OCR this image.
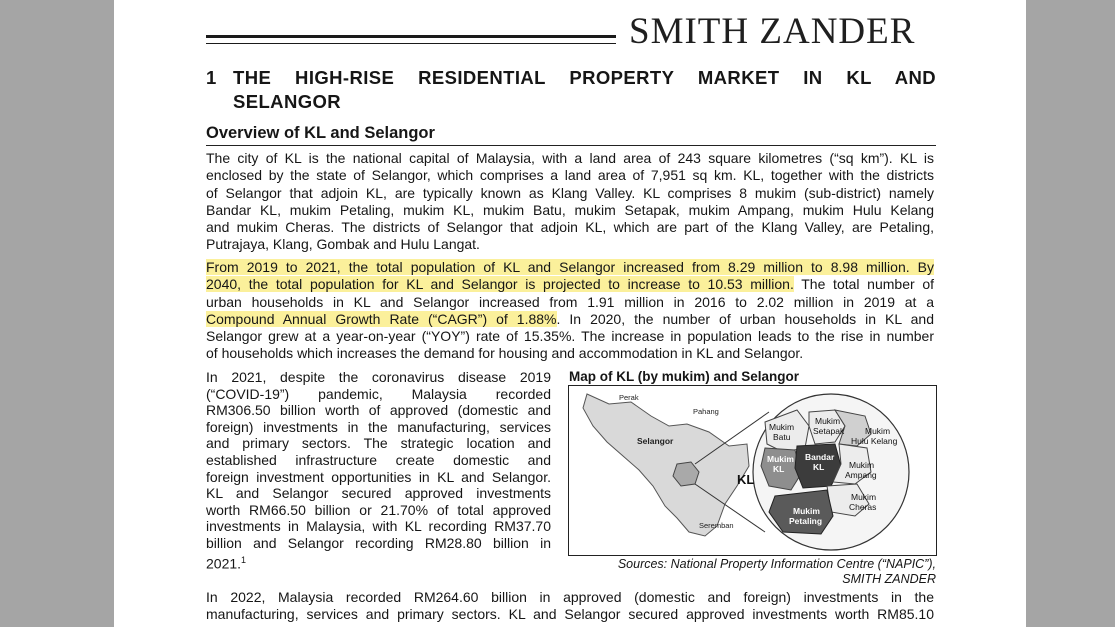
SMITH ZANDER
1 THE HIGH-RISE RESIDENTIAL PROPERTY MARKET IN KL AND
SELANGOR
Overview of KL and Selangor
The city of KL is the national capital of Malaysia, with a land area of 243 square kilometres (“sq km”). KL is
enclosed by the state of Selangor, which comprises a land area of 7,951 sq km. KL, together with the districts
of Selangor that adjoin KL, are typically known as Klang Valley. KL comprises 8 mukim (sub-district) namely
Bandar KL, mukim Petaling, mukim KL, mukim Batu, mukim Setapak, mukim Ampang, mukim Hulu Kelang
and mukim Cheras. The districts of Selangor that adjoin KL, which are part of the Klang Valley, are Petaling,
Putrajaya, Klang, Gombak and Hulu Langat.
From 2019 to 2021, the total population of KL and Selangor increased from 8.29 million to 8.98 million. By
2040, the total population for KL and Selangor is projected to increase to 10.53 million. The total number of
urban households in KL and Selangor increased from 1.91 million in 2016 to 2.02 million in 2019 at a
Compound Annual Growth Rate (“CAGR”) of 1.88%. In 2020, the number of urban households in KL and
Selangor grew at a year-on-year (“YOY”) rate of 15.35%. The increase in population leads to the rise in number
of households which increases the demand for housing and accommodation in KL and Selangor.
In 2021, despite the coronavirus disease 2019
(“COVID-19”) pandemic, Malaysia recorded
RM306.50 billion worth of approved (domestic and
foreign) investments in the manufacturing, services
and primary sectors. The strategic location and
established infrastructure create domestic and
foreign investment opportunities in KL and Selangor.
KL and Selangor secured approved investments
worth RM66.50 billion or 21.70% of total approved
investments in Malaysia, with KL recording RM37.70
billion and Selangor recording RM28.80 billion in
2021.$^1$
Map of KL (by mukim) and Selangor
Perak
Pahang
Selangor
Seremban
KL
Mukim
Batu
Mukim
Setapak Mukim
Hulu Kelang
Mukim
KL
Bandar
KL	Mukim
Ampang
Mukim
Cheras
Mukim
Petaling
Sources: National Property Information Centre (“NAPIC”),
SMITH ZANDER
In 2022, Malaysia recorded RM264.60 billion in approved (domestic and foreign) investments in the
manufacturing, services and primary sectors. KL and Selangor secured approved investments worth RM85.10
